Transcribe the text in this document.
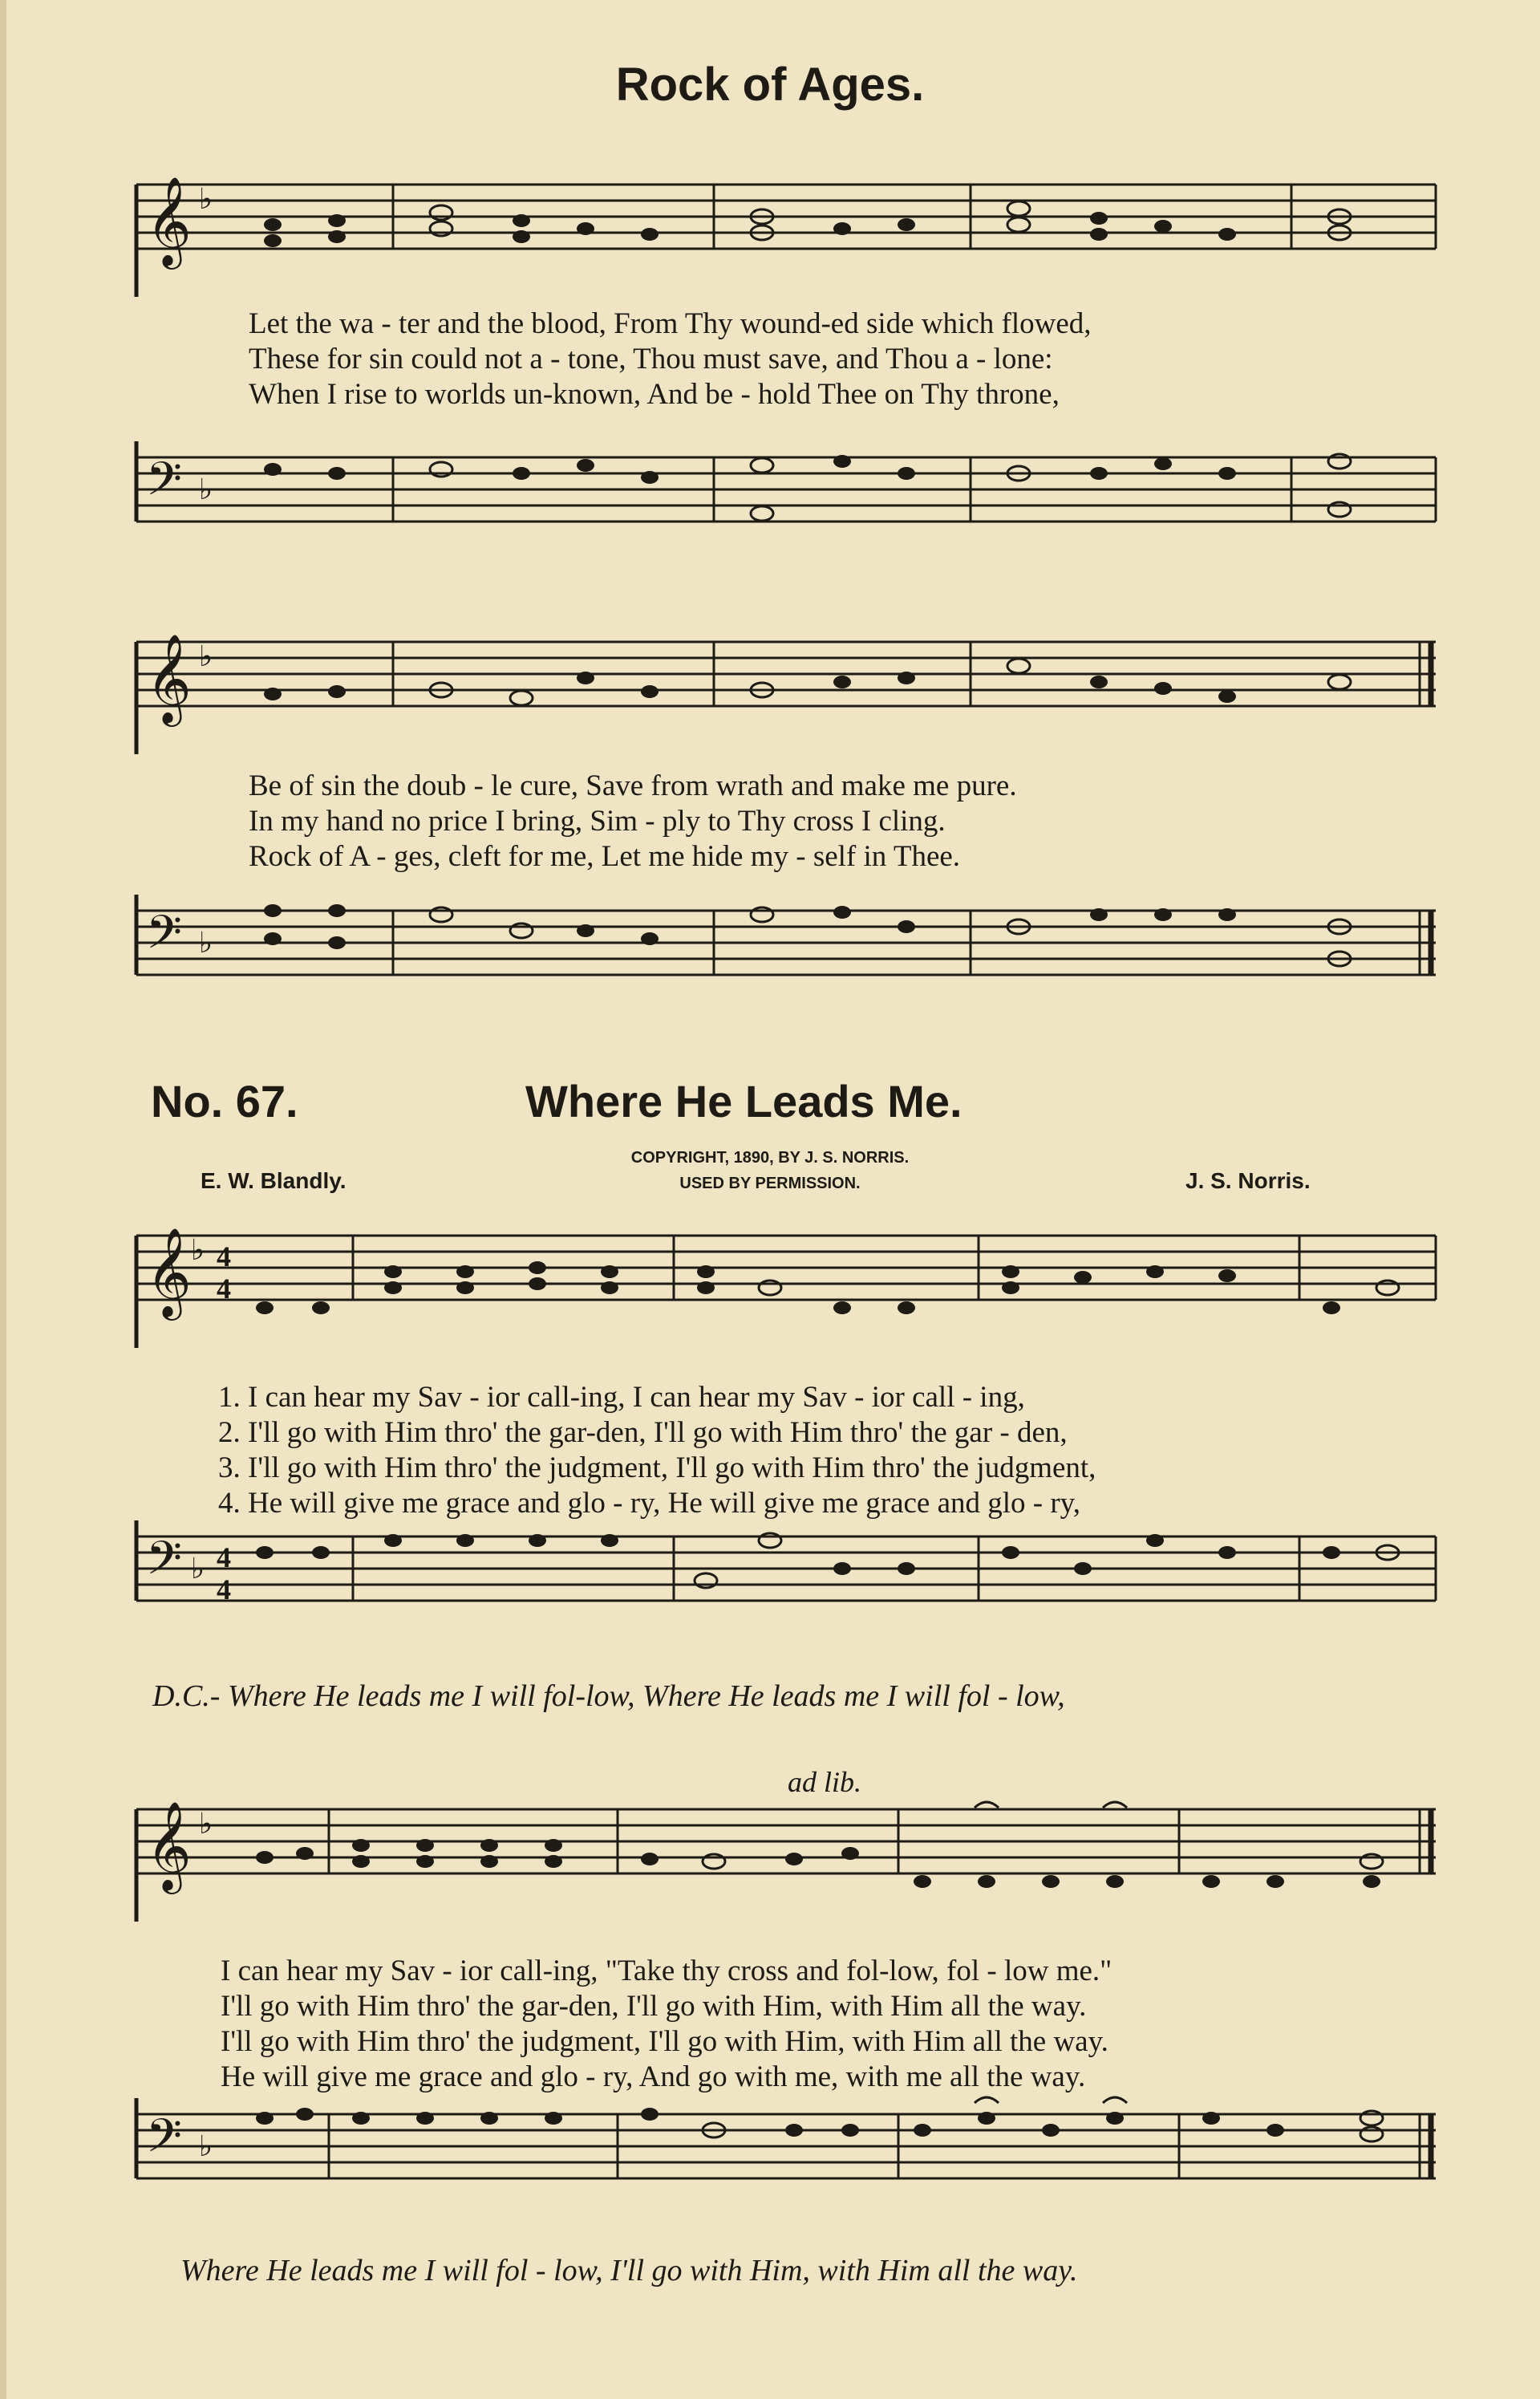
Rock of Ages.
𝄞 ♭
Let the wa - ter and the blood, From Thy wound-ed side which flowed,
These for sin could not a - tone, Thou must save, and Thou a - lone:
When I rise to worlds un-known, And be - hold Thee on Thy throne,
𝄢 ♭
𝄞 ♭
Be of sin the doub - le cure, Save from wrath and make me pure.
In my hand no price I bring, Sim - ply to Thy cross I cling.
Rock of A - ges, cleft for me, Let me hide my - self in Thee.
𝄢 ♭
No. 67.	Where He Leads Me.
COPYRIGHT, 1890, BY J. S. NORRIS.
E. W. Blandly.	USED BY PERMISSION.	J. S. Norris.
𝄞 ♭ 4
4
1. I can hear my Sav - ior call-ing, I can hear my Sav - ior call - ing,
2. I'll go with Him thro' the gar-den, I'll go with Him thro' the gar - den,
3. I'll go with Him thro' the judgment, I'll go with Him thro' the judgment,
4. He will give me grace and glo - ry, He will give me grace and glo - ry,
𝄢 ♭ 4
4
D.C.- Where He leads me I will fol-low, Where He leads me I will fol - low,
ad lib.
𝄞 ♭
I can hear my Sav - ior call-ing, "Take thy cross and fol-low, fol - low me."
I'll go with Him thro' the gar-den, I'll go with Him, with Him all the way.
I'll go with Him thro' the judgment, I'll go with Him, with Him all the way.
He will give me grace and glo - ry, And go with me, with me all the way.
𝄢 ♭
Where He leads me I will fol - low, I'll go with Him, with Him all the way.
